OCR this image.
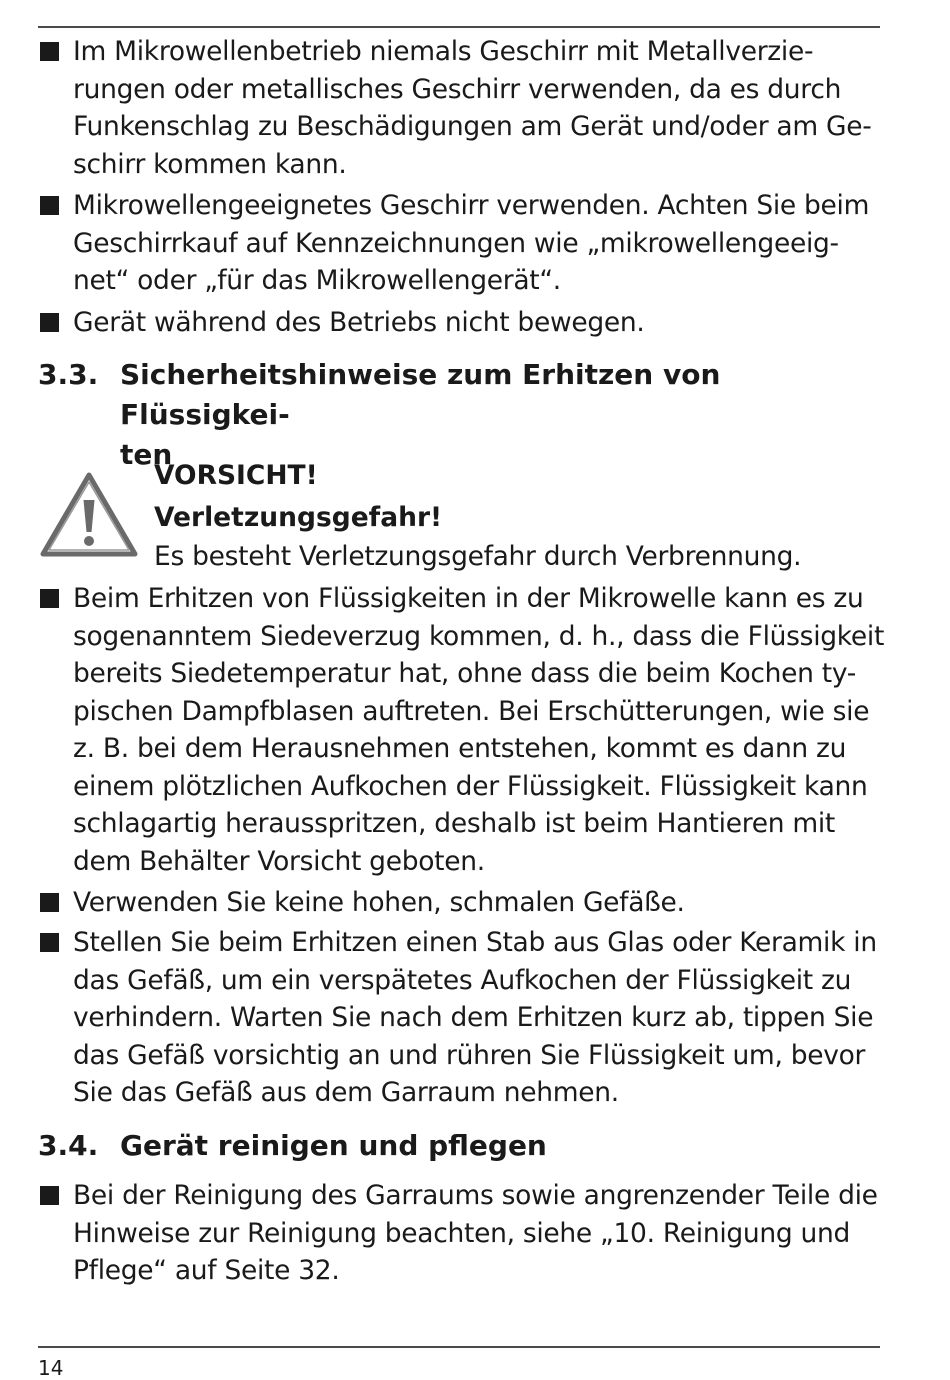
Im Mikrowellenbetrieb niemals Geschirr mit Metallverzie-
rungen oder metallisches Geschirr verwenden, da es durch
Funkenschlag zu Beschädigungen am Gerät und/oder am Ge-
schirr kommen kann.
Mikrowellengeeignetes Geschirr verwenden. Achten Sie beim
Geschirrkauf auf Kennzeichnungen wie „mikrowellengeeig-
net“ oder „für das Mikrowellengerät“.
Gerät während des Betriebs nicht bewegen.
3.3. Sicherheitshinweise zum Erhitzen von Flüssigkei-
ten
VORSICHT!
Verletzungsgefahr!
Es besteht Verletzungsgefahr durch Verbrennung.
Beim Erhitzen von Flüssigkeiten in der Mikrowelle kann es zu
sogenanntem Siedeverzug kommen, d. h., dass die Flüssigkeit
bereits Siedetemperatur hat, ohne dass die beim Kochen ty-
pischen Dampfblasen auftreten. Bei Erschütterungen, wie sie
z. B. bei dem Herausnehmen entstehen, kommt es dann zu
einem plötzlichen Aufkochen der Flüssigkeit. Flüssigkeit kann
schlagartig herausspritzen, deshalb ist beim Hantieren mit
dem Behälter Vorsicht geboten.
Verwenden Sie keine hohen, schmalen Gefäße.
Stellen Sie beim Erhitzen einen Stab aus Glas oder Keramik in
das Gefäß, um ein verspätetes Aufkochen der Flüssigkeit zu
verhindern. Warten Sie nach dem Erhitzen kurz ab, tippen Sie
das Gefäß vorsichtig an und rühren Sie Flüssigkeit um, bevor
Sie das Gefäß aus dem Garraum nehmen.
3.4. Gerät reinigen und pflegen
Bei der Reinigung des Garraums sowie angrenzender Teile die
Hinweise zur Reinigung beachten, siehe „10. Reinigung und
Pflege“ auf Seite 32.
14
